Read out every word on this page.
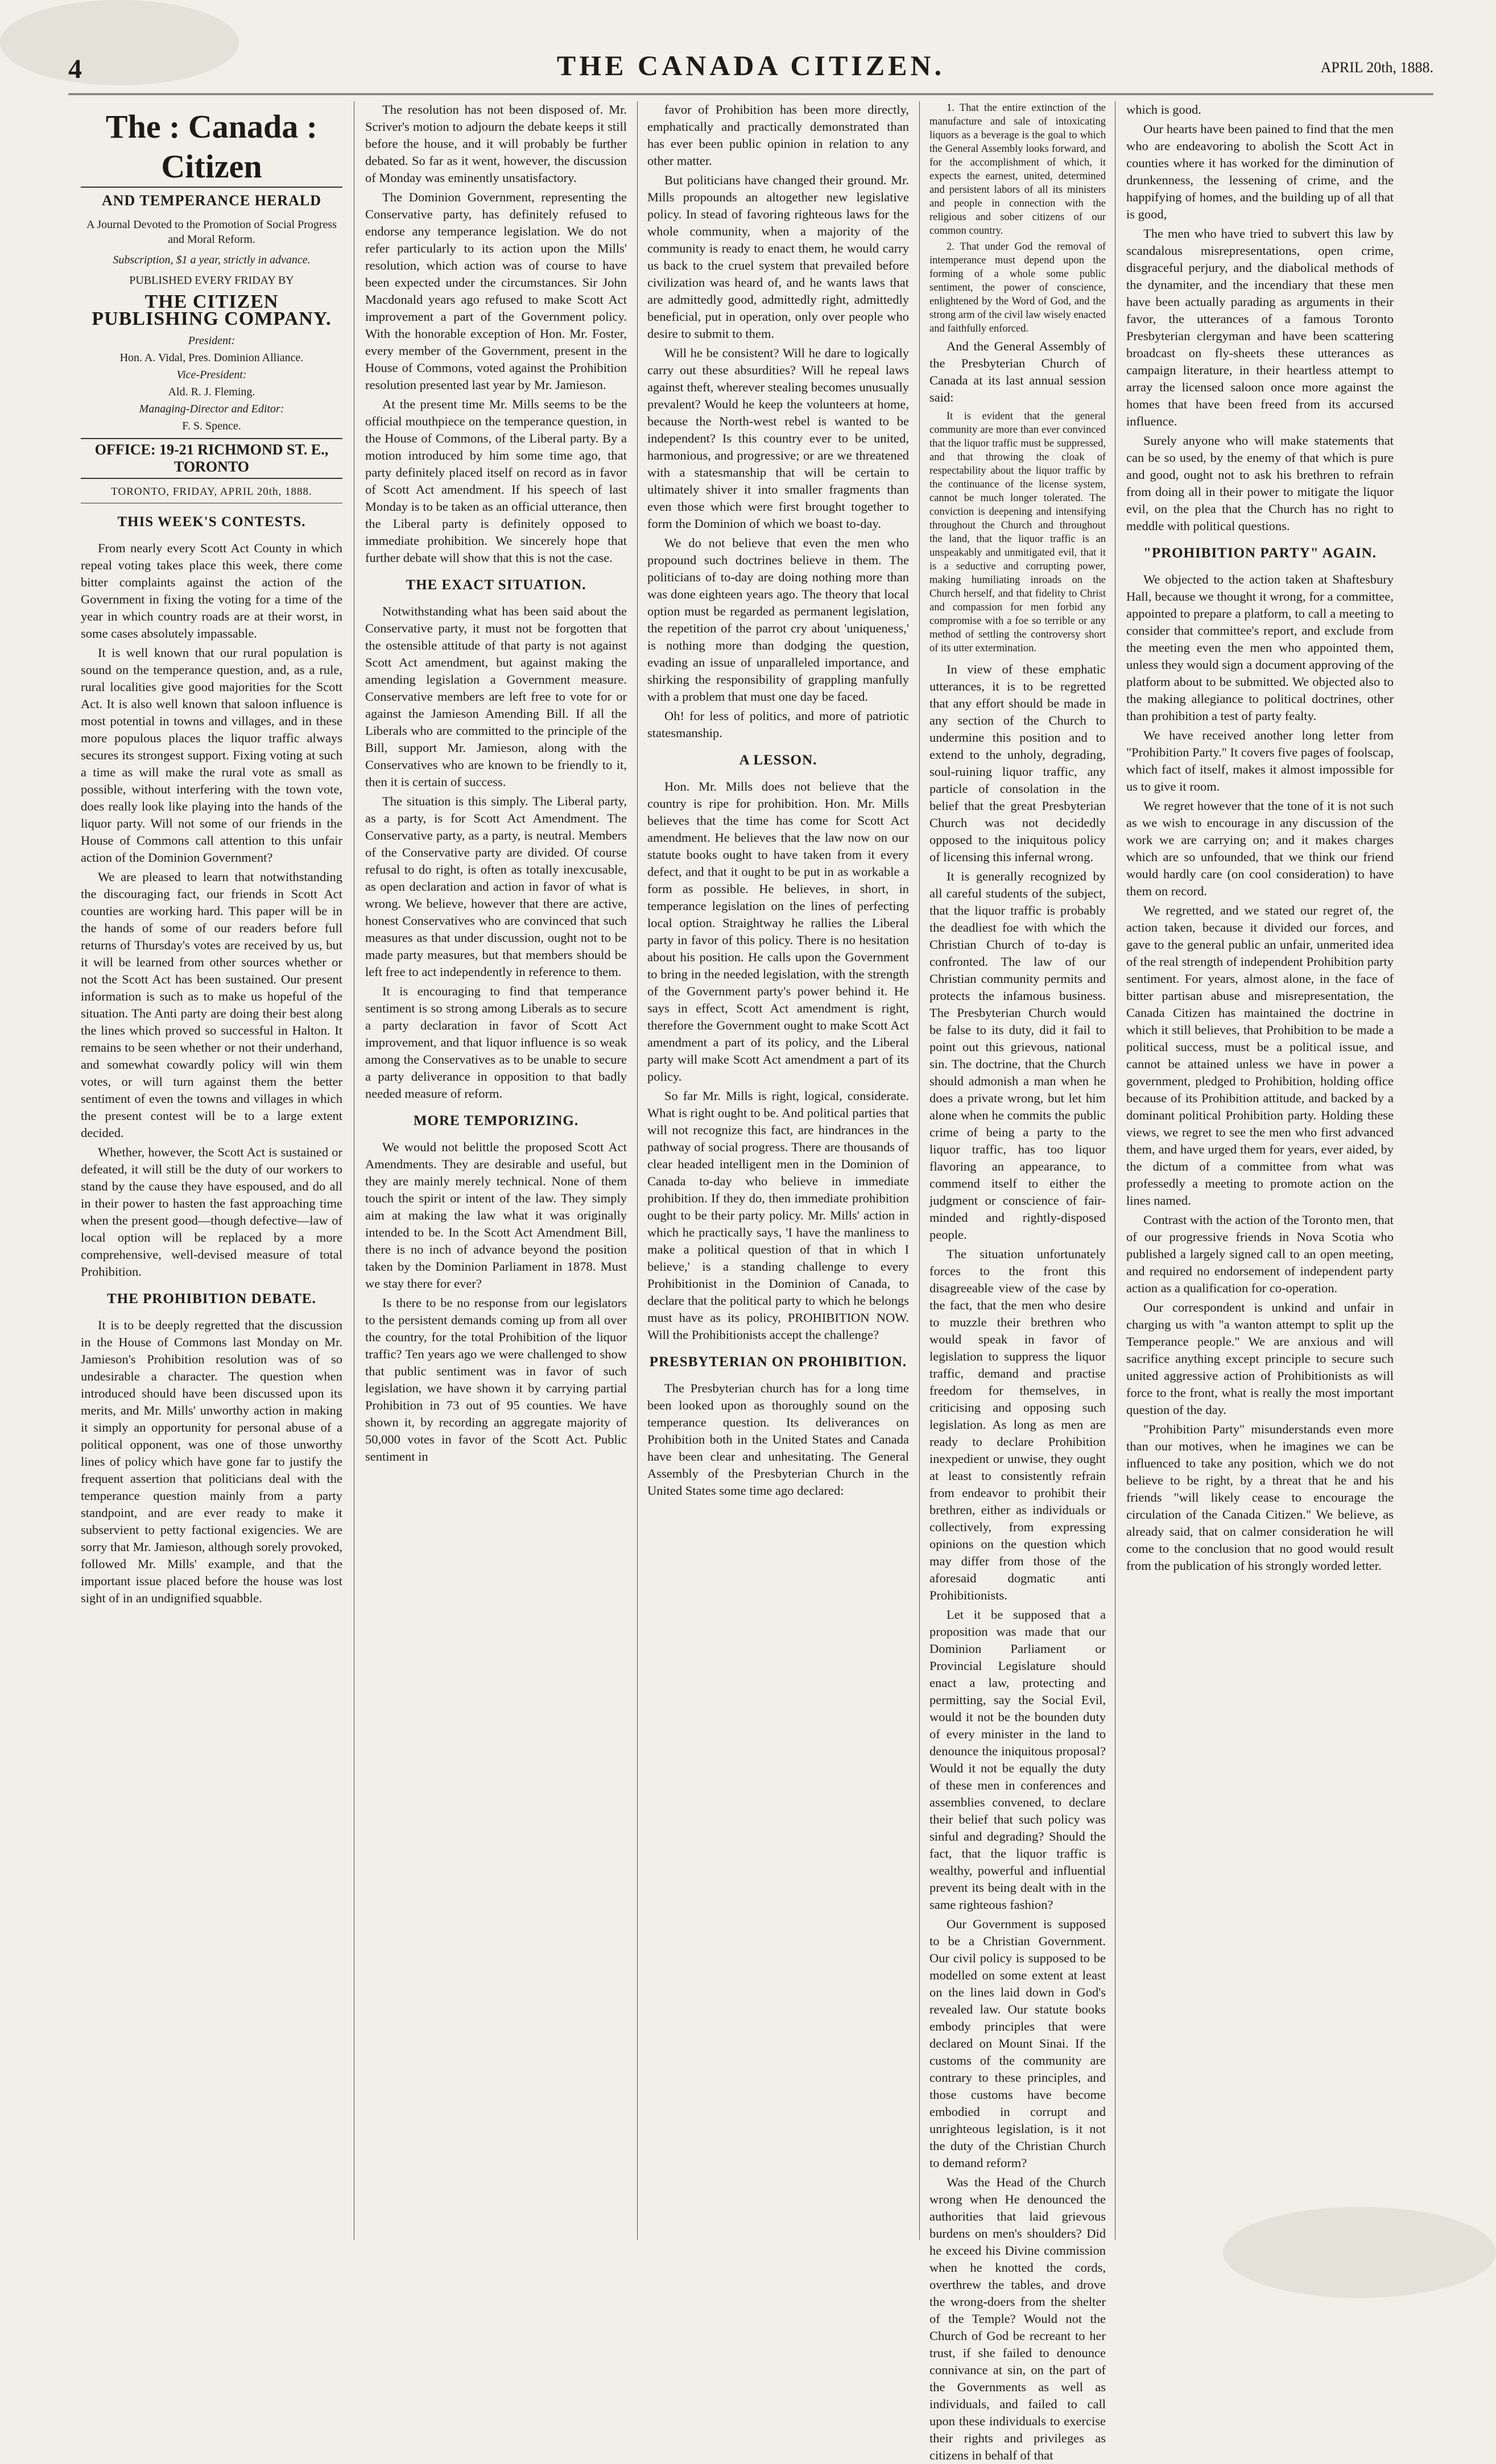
4	THE CANADA CITIZEN.	APRIL 20th, 1888.
The : Canada : Citizen
AND TEMPERANCE HERALD

A Journal Devoted to the Promotion of Social Progress and Moral Reform.

Subscription, $1 a year, strictly in advance.

PUBLISHED EVERY FRIDAY BY

THE CITIZEN PUBLISHING COMPANY.

President:

Hon. A. Vidal, Pres. Dominion Alliance.

Vice-President:

Ald. R. J. Fleming.

Managing-Director and Editor:

F. S. Spence.

OFFICE: 19-21 RICHMOND ST. E., TORONTO
TORONTO, FRIDAY, APRIL 20th, 1888.
THIS WEEK'S CONTESTS.

From nearly every Scott Act County in which repeal voting takes place this week, there come bitter complaints against the action of the Government in fixing the voting for a time of the year in which country roads are at their worst, in some cases absolutely impassable.

It is well known that our rural population is sound on the temperance question, and, as a rule, rural localities give good majorities for the Scott Act. It is also well known that saloon influence is most potential in towns and villages, and in these more populous places the liquor traffic always secures its strongest support. Fixing voting at such a time as will make the rural vote as small as possible, without interfering with the town vote, does really look like playing into the hands of the liquor party. Will not some of our friends in the House of Commons call attention to this unfair action of the Dominion Government?

We are pleased to learn that notwithstanding the discouraging fact, our friends in Scott Act counties are working hard. This paper will be in the hands of some of our readers before full returns of Thursday's votes are received by us, but it will be learned from other sources whether or not the Scott Act has been sustained. Our present information is such as to make us hopeful of the situation. The Anti party are doing their best along the lines which proved so successful in Halton. It remains to be seen whether or not their underhand, and somewhat cowardly policy will win them votes, or will turn against them the better sentiment of even the towns and villages in which the present contest will be to a large extent decided.

Whether, however, the Scott Act is sustained or defeated, it will still be the duty of our workers to stand by the cause they have espoused, and do all in their power to hasten the fast approaching time when the present good—though defective—law of local option will be replaced by a more comprehensive, well-devised measure of total Prohibition.

THE PROHIBITION DEBATE.

It is to be deeply regretted that the discussion in the House of Commons last Monday on Mr. Jamieson's Prohibition resolution was of so undesirable a character. The question when introduced should have been discussed upon its merits, and Mr. Mills' unworthy action in making it simply an opportunity for personal abuse of a political opponent, was one of those unworthy lines of policy which have gone far to justify the frequent assertion that politicians deal with the temperance question mainly from a party standpoint, and are ever ready to make it subservient to petty factional exigencies. We are sorry that Mr. Jamieson, although sorely provoked, followed Mr. Mills' example, and that the important issue placed before the house was lost sight of in an undignified squabble.

The resolution has not been disposed of. Mr. Scriver's motion to adjourn the debate keeps it still before the house, and it will probably be further debated. So far as it went, however, the discussion of Monday was eminently unsatisfactory.

The Dominion Government, representing the Conservative party, has definitely refused to endorse any temperance legislation. We do not refer particularly to its action upon the Mills' resolution, which action was of course to have been expected under the circumstances. Sir John Macdonald years ago refused to make Scott Act improvement a part of the Government policy. With the honorable exception of Hon. Mr. Foster, every member of the Government, present in the House of Commons, voted against the Prohibition resolution presented last year by Mr. Jamieson.

At the present time Mr. Mills seems to be the official mouthpiece on the temperance question, in the House of Commons, of the Liberal party. By a motion introduced by him some time ago, that party definitely placed itself on record as in favor of Scott Act amendment. If his speech of last Monday is to be taken as an official utterance, then the Liberal party is definitely opposed to immediate prohibition. We sincerely hope that further debate will show that this is not the case.

THE EXACT SITUATION.

Notwithstanding what has been said about the Conservative party, it must not be forgotten that the ostensible attitude of that party is not against Scott Act amendment, but against making the amending legislation a Government measure. Conservative members are left free to vote for or against the Jamieson Amending Bill. If all the Liberals who are committed to the principle of the Bill, support Mr. Jamieson, along with the Conservatives who are known to be friendly to it, then it is certain of success.

The situation is this simply. The Liberal party, as a party, is for Scott Act Amendment. The Conservative party, as a party, is neutral. Members of the Conservative party are divided. Of course refusal to do right, is often as totally inexcusable, as open declaration and action in favor of what is wrong. We believe, however that there are active, honest Conservatives who are convinced that such measures as that under discussion, ought not to be made party measures, but that members should be left free to act independently in reference to them.

It is encouraging to find that temperance sentiment is so strong among Liberals as to secure a party declaration in favor of Scott Act improvement, and that liquor influence is so weak among the Conservatives as to be unable to secure a party deliverance in opposition to that badly needed measure of reform.

MORE TEMPORIZING.

We would not belittle the proposed Scott Act Amendments. They are desirable and useful, but they are mainly merely technical. None of them touch the spirit or intent of the law. They simply aim at making the law what it was originally intended to be. In the Scott Act Amendment Bill, there is no inch of advance beyond the position taken by the Dominion Parliament in 1878. Must we stay there for ever?

Is there to be no response from our legislators to the persistent demands coming up from all over the country, for the total Prohibition of the liquor traffic? Ten years ago we were challenged to show that public sentiment was in favor of such legislation, we have shown it by carrying partial Prohibition in 73 out of 95 counties. We have shown it, by recording an aggregate majority of 50,000 votes in favor of the Scott Act. Public sentiment in

favor of Prohibition has been more directly, emphatically and practically demonstrated than has ever been public opinion in relation to any other matter.

But politicians have changed their ground. Mr. Mills propounds an altogether new legislative policy. In stead of favoring righteous laws for the whole community, when a majority of the community is ready to enact them, he would carry us back to the cruel system that prevailed before civilization was heard of, and he wants laws that are admittedly good, admittedly right, admittedly beneficial, put in operation, only over people who desire to submit to them.

Will he be consistent? Will he dare to logically carry out these absurdities? Will he repeal laws against theft, wherever stealing becomes unusually prevalent? Would he keep the volunteers at home, because the North-west rebel is wanted to be independent? Is this country ever to be united, harmonious, and progressive; or are we threatened with a statesmanship that will be certain to ultimately shiver it into smaller fragments than even those which were first brought together to form the Dominion of which we boast to-day.

We do not believe that even the men who propound such doctrines believe in them. The politicians of to-day are doing nothing more than was done eighteen years ago. The theory that local option must be regarded as permanent legislation, the repetition of the parrot cry about 'uniqueness,' is nothing more than dodging the question, evading an issue of unparalleled importance, and shirking the responsibility of grappling manfully with a problem that must one day be faced.

Oh! for less of politics, and more of patriotic statesmanship.

A LESSON.

Hon. Mr. Mills does not believe that the country is ripe for prohibition. Hon. Mr. Mills believes that the time has come for Scott Act amendment. He believes that the law now on our statute books ought to have taken from it every defect, and that it ought to be put in as workable a form as possible. He believes, in short, in temperance legislation on the lines of perfecting local option. Straightway he rallies the Liberal party in favor of this policy. There is no hesitation about his position. He calls upon the Government to bring in the needed legislation, with the strength of the Government party's power behind it. He says in effect, Scott Act amendment is right, therefore the Government ought to make Scott Act amendment a part of its policy, and the Liberal party will make Scott Act amendment a part of its policy.

So far Mr. Mills is right, logical, considerate. What is right ought to be. And political parties that will not recognize this fact, are hindrances in the pathway of social progress. There are thousands of clear headed intelligent men in the Dominion of Canada to-day who believe in immediate prohibition. If they do, then immediate prohibition ought to be their party policy. Mr. Mills' action in which he practically says, 'I have the manliness to make a political question of that in which I believe,' is a standing challenge to every Prohibitionist in the Dominion of Canada, to declare that the political party to which he belongs must have as its policy, PROHIBITION NOW. Will the Prohibitionists accept the challenge?

PRESBYTERIAN ON PROHIBITION.

The Presbyterian church has for a long time been looked upon as thoroughly sound on the temperance question. Its deliverances on Prohibition both in the United States and Canada have been clear and unhesitating. The General Assembly of the Presbyterian Church in the United States some time ago declared:

1. That the entire extinction of the manufacture and sale of intoxicating liquors as a beverage is the goal to which the General Assembly looks forward, and for the accomplishment of which, it expects the earnest, united, determined and persistent labors of all its ministers and people in connection with the religious and sober citizens of our common country.

2. That under God the removal of intemperance must depend upon the forming of a whole some public sentiment, the power of conscience, enlightened by the Word of God, and the strong arm of the civil law wisely enacted and faithfully enforced.

And the General Assembly of the Presbyterian Church of Canada at its last annual session said:

It is evident that the general community are more than ever convinced that the liquor traffic must be suppressed, and that throwing the cloak of respectability about the liquor traffic by the continuance of the license system, cannot be much longer tolerated. The conviction is deepening and intensifying throughout the Church and throughout the land, that the liquor traffic is an unspeakably and unmitigated evil, that it is a seductive and corrupting power, making humiliating inroads on the Church herself, and that fidelity to Christ and compassion for men forbid any compromise with a foe so terrible or any method of settling the controversy short of its utter extermination.

In view of these emphatic utterances, it is to be regretted that any effort should be made in any section of the Church to undermine this position and to extend to the unholy, degrading, soul-ruining liquor traffic, any particle of consolation in the belief that the great Presbyterian Church was not decidedly opposed to the iniquitous policy of licensing this infernal wrong.

It is generally recognized by all careful students of the subject, that the liquor traffic is probably the deadliest foe with which the Christian Church of to-day is confronted. The law of our Christian community permits and protects the infamous business. The Presbyterian Church would be false to its duty, did it fail to point out this grievous, national sin. The doctrine, that the Church should admonish a man when he does a private wrong, but let him alone when he commits the public crime of being a party to the liquor traffic, has too liquor flavoring an appearance, to commend itself to either the judgment or conscience of fair-minded and rightly-disposed people.

The situation unfortunately forces to the front this disagreeable view of the case by the fact, that the men who desire to muzzle their brethren who would speak in favor of legislation to suppress the liquor traffic, demand and practise freedom for themselves, in criticising and opposing such legislation. As long as men are ready to declare Prohibition inexpedient or unwise, they ought at least to consistently refrain from endeavor to prohibit their brethren, either as individuals or collectively, from expressing opinions on the question which may differ from those of the aforesaid dogmatic anti Prohibitionists.

Let it be supposed that a proposition was made that our Dominion Parliament or Provincial Legislature should enact a law, protecting and permitting, say the Social Evil, would it not be the bounden duty of every minister in the land to denounce the iniquitous proposal? Would it not be equally the duty of these men in conferences and assemblies convened, to declare their belief that such policy was sinful and degrading? Should the fact, that the liquor traffic is wealthy, powerful and influential prevent its being dealt with in the same righteous fashion?

Our Government is supposed to be a Christian Government. Our civil policy is supposed to be modelled on some extent at least on the lines laid down in God's revealed law. Our statute books embody principles that were declared on Mount Sinai. If the customs of the community are contrary to these principles, and those customs have become embodied in corrupt and unrighteous legislation, is it not the duty of the Christian Church to demand reform?

Was the Head of the Church wrong when He denounced the authorities that laid grievous burdens on men's shoulders? Did he exceed his Divine commission when he knotted the cords, overthrew the tables, and drove the wrong-doers from the shelter of the Temple? Would not the Church of God be recreant to her trust, if she failed to denounce connivance at sin, on the part of the Governments as well as individuals, and failed to call upon these individuals to exercise their rights and privileges as citizens in behalf of that

which is good.

Our hearts have been pained to find that the men who are endeavoring to abolish the Scott Act in counties where it has worked for the diminution of drunkenness, the lessening of crime, and the happifying of homes, and the building up of all that is good,

The men who have tried to subvert this law by scandalous misrepresentations, open crime, disgraceful perjury, and the diabolical methods of the dynamiter, and the incendiary that these men have been actually parading as arguments in their favor, the utterances of a famous Toronto Presbyterian clergyman and have been scattering broadcast on fly-sheets these utterances as campaign literature, in their heartless attempt to array the licensed saloon once more against the homes that have been freed from its accursed influence.

Surely anyone who will make statements that can be so used, by the enemy of that which is pure and good, ought not to ask his brethren to refrain from doing all in their power to mitigate the liquor evil, on the plea that the Church has no right to meddle with political questions.

"PROHIBITION PARTY" AGAIN.

We objected to the action taken at Shaftesbury Hall, because we thought it wrong, for a committee, appointed to prepare a platform, to call a meeting to consider that committee's report, and exclude from the meeting even the men who appointed them, unless they would sign a document approving of the platform about to be submitted. We objected also to the making allegiance to political doctrines, other than prohibition a test of party fealty.

We have received another long letter from "Prohibition Party." It covers five pages of foolscap, which fact of itself, makes it almost impossible for us to give it room.

We regret however that the tone of it is not such as we wish to encourage in any discussion of the work we are carrying on; and it makes charges which are so unfounded, that we think our friend would hardly care (on cool consideration) to have them on record.

We regretted, and we stated our regret of, the action taken, because it divided our forces, and gave to the general public an unfair, unmerited idea of the real strength of independent Prohibition party sentiment. For years, almost alone, in the face of bitter partisan abuse and misrepresentation, the Canada Citizen has maintained the doctrine in which it still believes, that Prohibition to be made a political success, must be a political issue, and cannot be attained unless we have in power a government, pledged to Prohibition, holding office because of its Prohibition attitude, and backed by a dominant political Prohibition party. Holding these views, we regret to see the men who first advanced them, and have urged them for years, ever aided, by the dictum of a committee from what was professedly a meeting to promote action on the lines named.

Contrast with the action of the Toronto men, that of our progressive friends in Nova Scotia who published a largely signed call to an open meeting, and required no endorsement of independent party action as a qualification for co-operation.

Our correspondent is unkind and unfair in charging us with "a wanton attempt to split up the Temperance people." We are anxious and will sacrifice anything except principle to secure such united aggressive action of Prohibitionists as will force to the front, what is really the most important question of the day.

"Prohibition Party" misunderstands even more than our motives, when he imagines we can be influenced to take any position, which we do not believe to be right, by a threat that he and his friends "will likely cease to encourage the circulation of the Canada Citizen." We believe, as already said, that on calmer consideration he will come to the conclusion that no good would result from the publication of his strongly worded letter.
